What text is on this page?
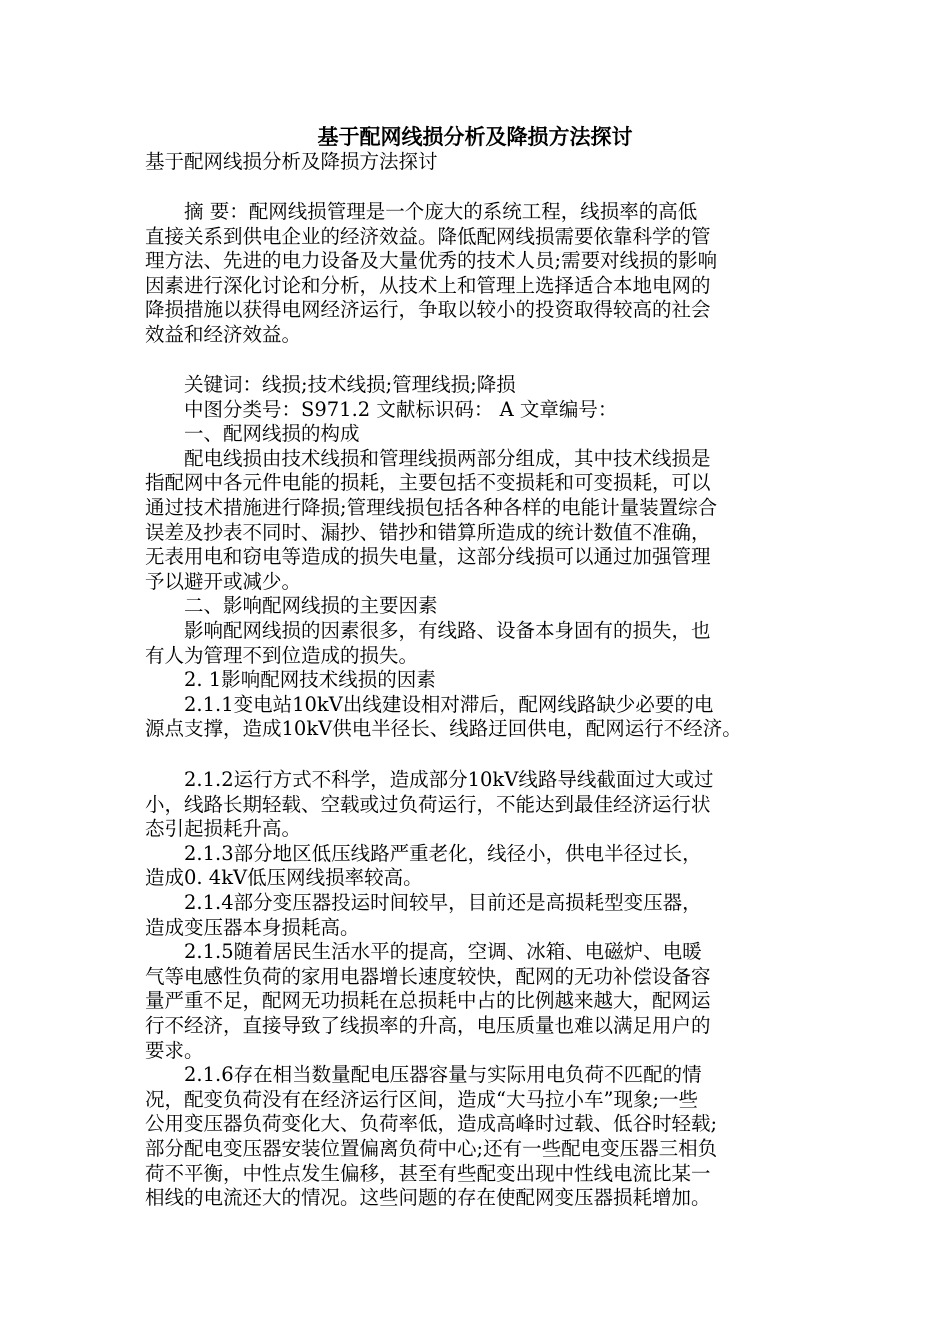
基于配网线损分析及降损方法探讨
基于配网线损分析及降损方法探讨
　　摘 要：配网线损管理是一个庞大的系统工程，线损率的高低
直接关系到供电企业的经济效益。降低配网线损需要依靠科学的管
理方法、先进的电力设备及大量优秀的技术人员;需要对线损的影响
因素进行深化讨论和分析，从技术上和管理上选择适合本地电网的
降损措施以获得电网经济运行，争取以较小的投资取得较高的社会
效益和经济效益。
　　关键词：线损;技术线损;管理线损;降损
　　中图分类号：S971.2 文献标识码： A 文章编号：
　　一、配网线损的构成
　　配电线损由技术线损和管理线损两部分组成，其中技术线损是
指配网中各元件电能的损耗，主要包括不变损耗和可变损耗，可以
通过技术措施进行降损;管理线损包括各种各样的电能计量装置综合
误差及抄表不同时、漏抄、错抄和错算所造成的统计数值不准确，
无表用电和窃电等造成的损失电量，这部分线损可以通过加强管理
予以避开或减少。
　　二、影响配网线损的主要因素
　　影响配网线损的因素很多，有线路、设备本身固有的损失，也
有人为管理不到位造成的损失。
　　2. 1影响配网技术线损的因素
　　2.1.1变电站10kV出线建设相对滞后，配网线路缺少必要的电
源点支撑，造成10kV供电半径长、线路迂回供电，配网运行不经济。
　　2.1.2运行方式不科学，造成部分10kV线路导线截面过大或过
小，线路长期轻载、空载或过负荷运行，不能达到最佳经济运行状
态引起损耗升高。
　　2.1.3部分地区低压线路严重老化，线径小，供电半径过长，
造成0. 4kV低压网线损率较高。
　　2.1.4部分变压器投运时间较早，目前还是高损耗型变压器，
造成变压器本身损耗高。
　　2.1.5随着居民生活水平的提高，空调、冰箱、电磁炉、电暖
气等电感性负荷的家用电器增长速度较快，配网的无功补偿设备容
量严重不足，配网无功损耗在总损耗中占的比例越来越大，配网运
行不经济，直接导致了线损率的升高，电压质量也难以满足用户的
要求。
　　2.1.6存在相当数量配电压器容量与实际用电负荷不匹配的情
况，配变负荷没有在经济运行区间，造成“大马拉小车”现象;一些
公用变压器负荷变化大、负荷率低，造成高峰时过载、低谷时轻载;
部分配电变压器安装位置偏离负荷中心;还有一些配电变压器三相负
荷不平衡，中性点发生偏移，甚至有些配变出现中性线电流比某一
相线的电流还大的情况。这些问题的存在使配网变压器损耗增加。
